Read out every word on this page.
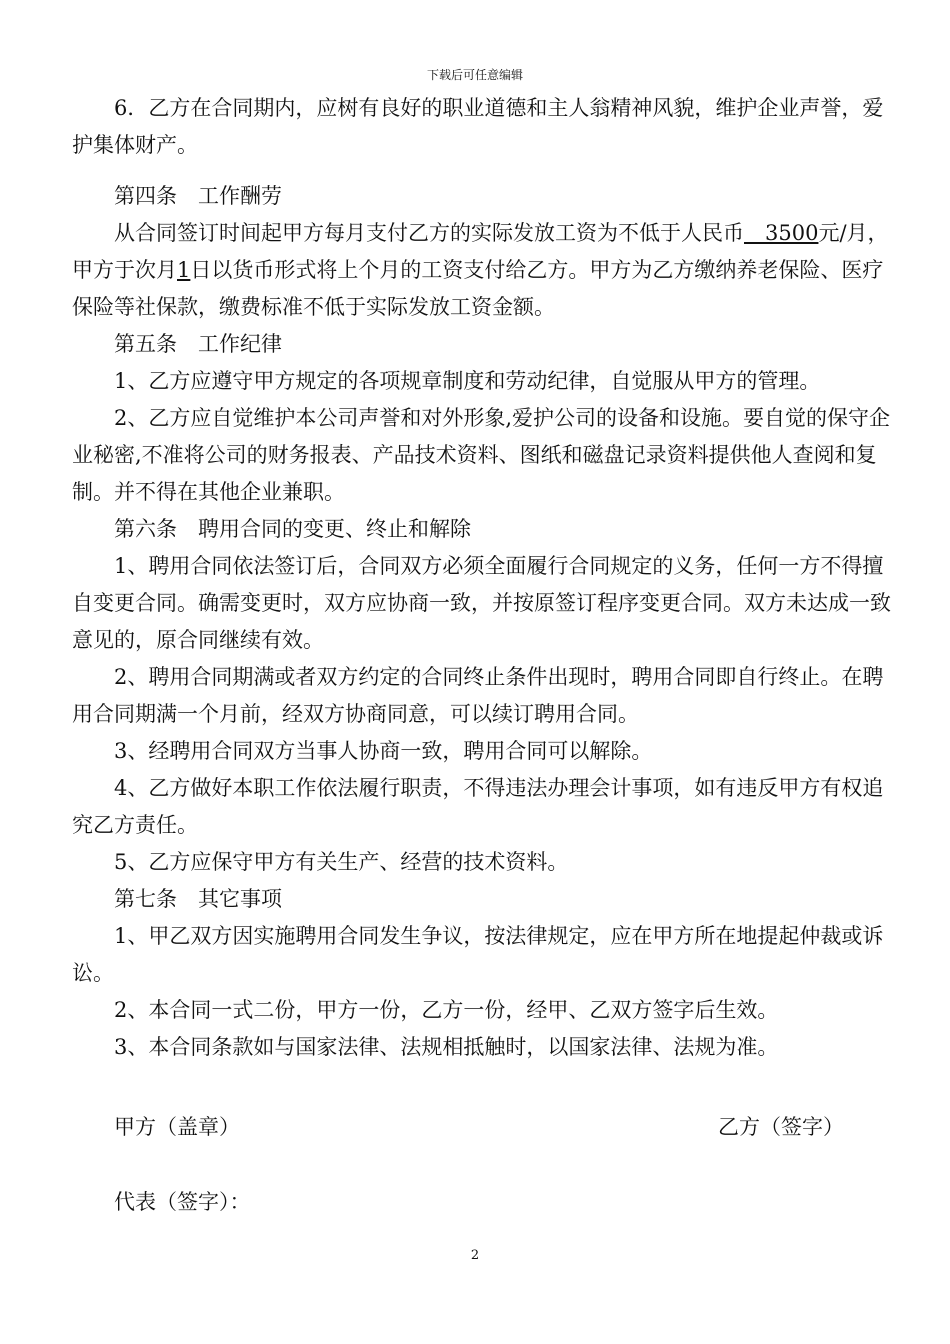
下载后可任意编辑

6．乙方在合同期内，应树有良好的职业道德和主人翁精神风貌，维护企业声誉，爱护集体财产。

第四条　工作酬劳

从合同签订时间起甲方每月支付乙方的实际发放工资为不低于人民币　3500元/月，甲方于次月1日以货币形式将上个月的工资支付给乙方。甲方为乙方缴纳养老保险、医疗保险等社保款，缴费标准不低于实际发放工资金额。

第五条　工作纪律

1、乙方应遵守甲方规定的各项规章制度和劳动纪律，自觉服从甲方的管理。

2、乙方应自觉维护本公司声誉和对外形象,爱护公司的设备和设施。要自觉的保守企业秘密,不准将公司的财务报表、产品技术资料、图纸和磁盘记录资料提供他人查阅和复制。并不得在其他企业兼职。

第六条　聘用合同的变更、终止和解除

1、聘用合同依法签订后，合同双方必须全面履行合同规定的义务，任何一方不得擅自变更合同。确需变更时，双方应协商一致，并按原签订程序变更合同。双方未达成一致意见的，原合同继续有效。

2、聘用合同期满或者双方约定的合同终止条件出现时，聘用合同即自行终止。在聘用合同期满一个月前，经双方协商同意，可以续订聘用合同。

3、经聘用合同双方当事人协商一致，聘用合同可以解除。

4、乙方做好本职工作依法履行职责，不得违法办理会计事项，如有违反甲方有权追究乙方责任。

5、乙方应保守甲方有关生产、经营的技术资料。

第七条　其它事项

1、甲乙双方因实施聘用合同发生争议，按法律规定，应在甲方所在地提起仲裁或诉讼。

2、本合同一式二份，甲方一份，乙方一份，经甲、乙双方签字后生效。

3、本合同条款如与国家法律、法规相抵触时，以国家法律、法规为准。

甲方（盖章）	乙方（签字）
代表（签字）：
2
